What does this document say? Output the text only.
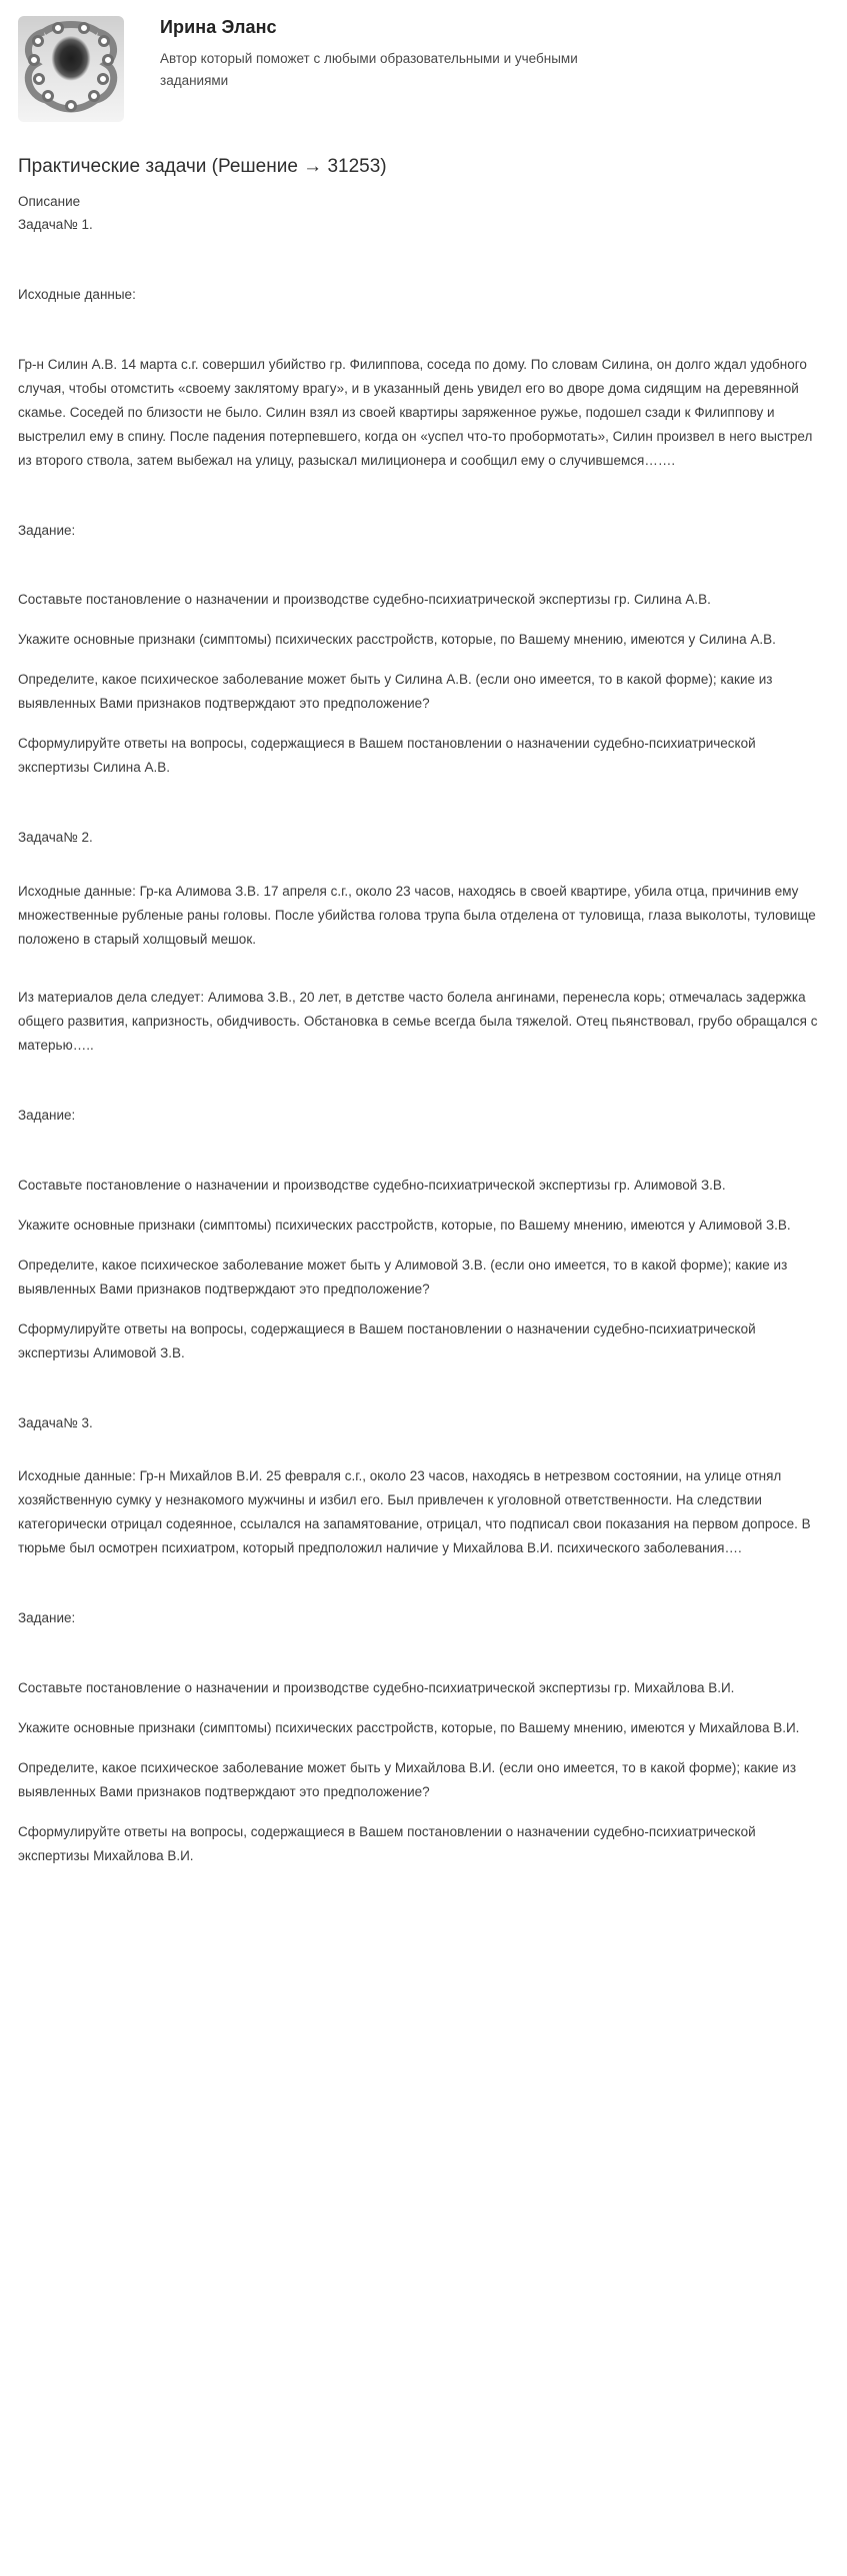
Ирина Эланс
Автор который поможет с любыми образовательными и учебными заданиями
Практические задачи (Решение → 31253)
Описание
Задача№ 1.
Исходные данные:

Гр-н Силин А.В. 14 марта с.г. совершил убийство гр. Филиппова, соседа по дому. По словам Силина, он долго ждал удобного случая, чтобы отомстить «своему заклятому врагу», и в указанный день увидел его во дворе дома сидящим на деревянной скамье. Соседей по близости не было. Силин взял из своей квартиры заряженное ружье, подошел сзади к Филиппову и выстрелил ему в спину. После падения потерпевшего, когда он «успел что-то пробормотать», Силин произвел в него выстрел из второго ствола, затем выбежал на улицу, разыскал милиционера и сообщил ему о случившемся…….

Задание:

Составьте постановление о назначении и производстве судебно-психиатрической экспертизы гр. Силина А.В.

Укажите основные признаки (симптомы) психических расстройств, которые, по Вашему мнению, имеются у Силина А.В.

Определите, какое психическое заболевание может быть у Силина А.В. (если оно имеется, то в какой форме); какие из выявленных Вами признаков подтверждают это предположение?

Сформулируйте ответы на вопросы, содержащиеся в Вашем постановлении о назначении судебно-психиатрической экспертизы Силина А.В.

Задача№ 2.

Исходные данные: Гр-ка Алимова З.В. 17 апреля с.г., около 23 часов, находясь в своей квартире, убила отца, причинив ему множественные рубленые раны головы. После убийства голова трупа была отделена от туловища, глаза выколоты, туловище положено в старый холщовый мешок.

Из материалов дела следует: Алимова З.В., 20 лет, в детстве часто болела ангинами, перенесла корь; отмечалась задержка общего развития, капризность, обидчивость. Обстановка в семье всегда была тяжелой. Отец пьянствовал, грубо обращался с матерью…..

Задание:

Составьте постановление о назначении и производстве судебно-психиатрической экспертизы гр. Алимовой З.В.

Укажите основные признаки (симптомы) психических расстройств, которые, по Вашему мнению, имеются у Алимовой З.В.

Определите, какое психическое заболевание может быть у Алимовой З.В. (если оно имеется, то в какой форме); какие из выявленных Вами признаков подтверждают это предположение?

Сформулируйте ответы на вопросы, содержащиеся в Вашем постановлении о назначении судебно-психиатрической экспертизы Алимовой З.В.

Задача№ 3.

Исходные данные: Гр-н Михайлов В.И. 25 февраля с.г., около 23 часов, находясь в нетрезвом состоянии, на улице отнял хозяйственную сумку у незнакомого мужчины и избил его. Был привлечен к уголовной ответственности. На следствии категорически отрицал содеянное, ссылался на запамятование, отрицал, что подписал свои показания на первом допросе. В тюрьме был осмотрен психиатром, который предположил наличие у Михайлова В.И. психического заболевания….

Задание:

Составьте постановление о назначении и производстве судебно-психиатрической экспертизы гр. Михайлова В.И.

Укажите основные признаки (симптомы) психических расстройств, которые, по Вашему мнению, имеются у Михайлова В.И.

Определите, какое психическое заболевание может быть у Михайлова В.И. (если оно имеется, то в какой форме); какие из выявленных Вами признаков подтверждают это предположение?

Сформулируйте ответы на вопросы, содержащиеся в Вашем постановлении о назначении судебно-психиатрической экспертизы Михайлова В.И.
